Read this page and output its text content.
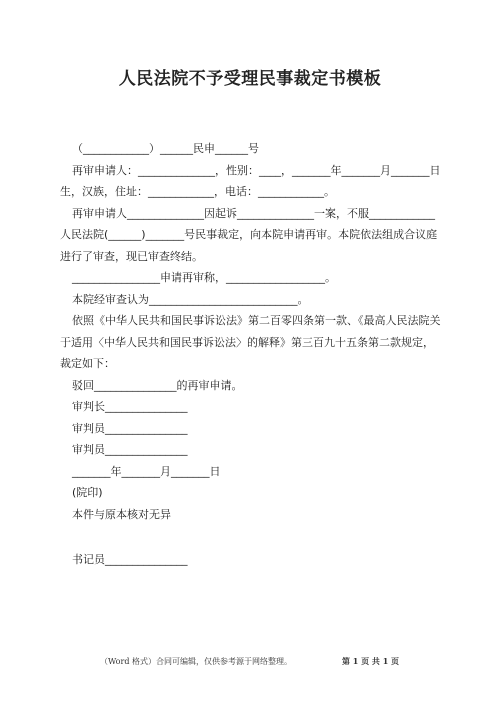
人民法院不予受理民事裁定书模板

（____________）______民申______号

再审申请人：______________，性别：____，_______年_______月_______日生，汉族，住址：____________，电话：____________。

再审申请人______________因起诉______________一案，不服____________人民法院(______)_______号民事裁定，向本院申请再审。本院依法组成合议庭进行了审查，现已审查终结。

________________申请再审称，__________________。

本院经审查认为___________________________。

依照《中华人民共和国民事诉讼法》第二百零四条第一款、《最高人民法院关于适用〈中华人民共和国民事诉讼法〉的解释》第三百九十五条第二款规定，裁定如下：

驳回_______________的再审申请。

审判长_______________

审判员_______________

审判员_______________

_______年_______月_______日

(院印)

本件与原本核对无异

书记员_______________

（Word 格式）合同可编辑，仅供参考源于网络整理。	第 1 页 共 1 页
